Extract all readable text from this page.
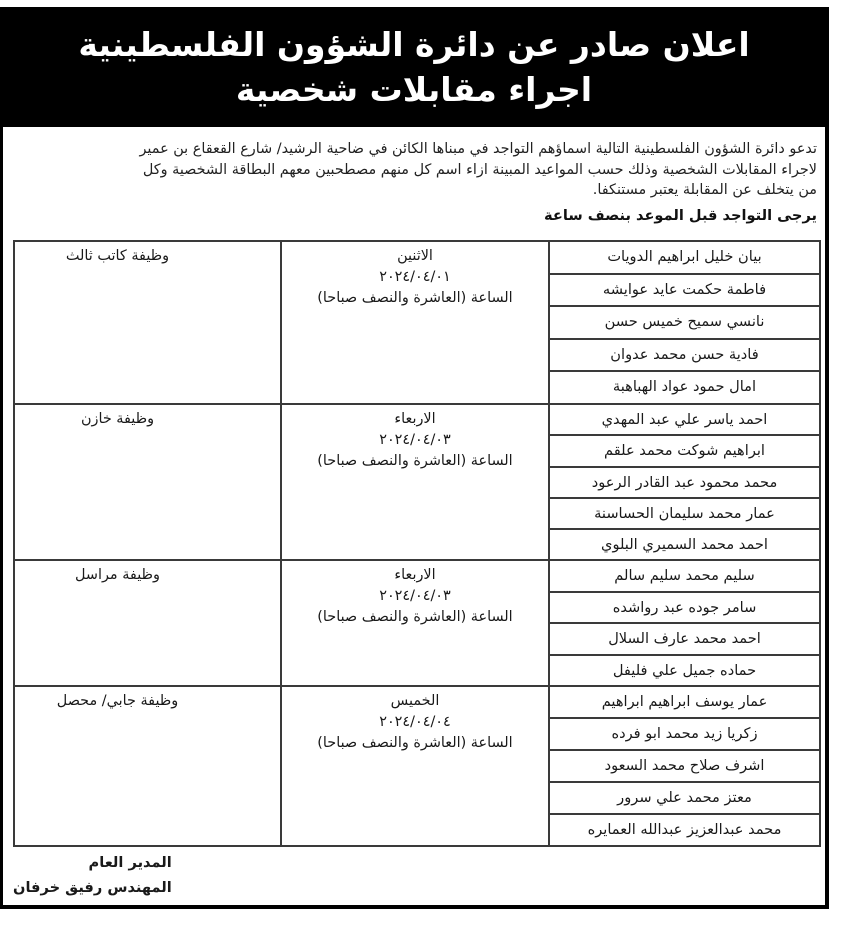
اعلان صادر عن دائرة الشؤون الفلسطينية
اجراء مقابلات شخصية
تدعو دائرة الشؤون الفلسطينية التالية اسماؤهم التواجد في مبناها الكائن في ضاحية الرشيد/ شارع القعقاع بن عمير
لاجراء المقابلات الشخصية وذلك حسب المواعيد المبينة ازاء اسم كل منهم مصطحبين معهم البطاقة الشخصية وكل
من يتخلف عن المقابلة يعتبر مستنكفا.
يرجى التواجد قبل الموعد بنصف ساعة
بيان خليل ابراهيم الدويات	الاثنين
٢٠٢٤/٠٤/٠١
الساعة (العاشرة والنصف صباحا)	وظيفة كاتب ثالث
فاطمة حكمت عايد عوايشه		
نانسي سميح خميس حسن		
فادية حسن محمد عدوان		
امال حمود عواد الهباهبة		
احمد ياسر علي عبد المهدي	الاربعاء
٢٠٢٤/٠٤/٠٣
الساعة (العاشرة والنصف صباحا)	وظيفة خازن
ابراهيم شوكت محمد علقم		
محمد محمود عبد القادر الرعود		
عمار محمد سليمان الحساسنة		
احمد محمد السميري البلوي		
سليم محمد سليم سالم	الاربعاء
٢٠٢٤/٠٤/٠٣
الساعة (العاشرة والنصف صباحا)	وظيفة مراسل
سامر جوده عبد رواشده		
احمد محمد عارف السلال		
حماده جميل علي فليفل		
عمار يوسف ابراهيم ابراهيم	الخميس
٢٠٢٤/٠٤/٠٤
الساعة (العاشرة والنصف صباحا)	وظيفة جابي/ محصل
زكريا زيد محمد ابو فرده		
اشرف صلاح محمد السعود		
معتز محمد علي سرور		
محمد عبدالعزيز عبدالله العمايره		
المدير العام
المهندس رفيق خرفان
